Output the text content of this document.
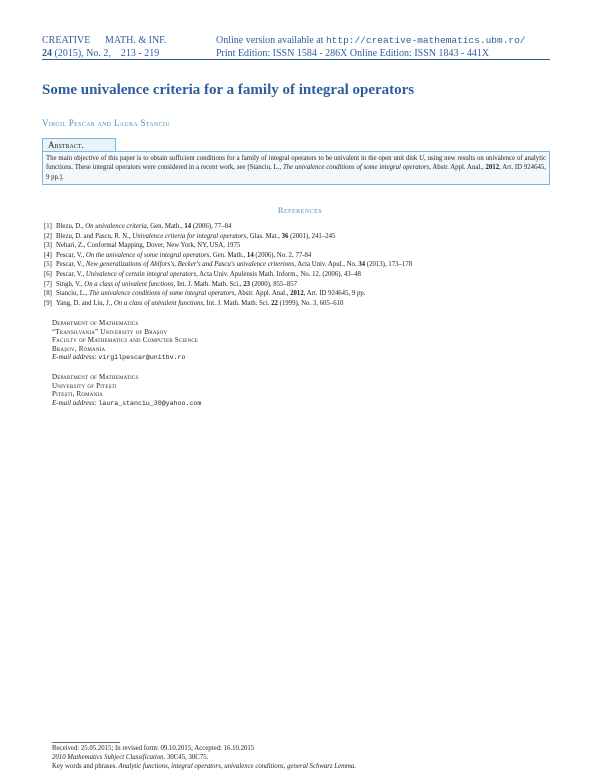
CREATIVE	MATH. & INF.
24 (2015), No. 2, 213 - 219
Online version available at http://creative-mathematics.ubm.ro/
Print Edition: ISSN 1584 - 286X Online Edition: ISSN 1843 - 441X
Some univalence criteria for a family of integral operators
Virgil Pescar and Laura Stanciu
Abstract.
The main objective of this paper is to obtain sufficient conditions for a family of integral operators to be univalent in the open unit disk U, using new results on univalence of analytic functions. These integral operators were considered in a recent work, see [Stanciu, L., The univalence conditions of some integral operators, Abstr. Appl. Anal., 2012, Art. ID 924645, 9 pp.].
References
[1] Blezu, D., On univalence criteria, Gen. Math., 14 (2006), 77–84
[2] Blezu, D. and Pascu, R. N., Univalence criteria for integral operators, Glas. Mat., 36 (2001), 241–245
[3] Nehari, Z., Conformal Mapping, Dover, New York, NY, USA, 1975
[4] Pescar, V., On the univalence of some integral operators, Gen. Math., 14 (2006), No. 2, 77-84
[5] Pescar, V., New generalizations of Ahlfors's, Becker's and Pascu's univalence criterions, Acta Univ. Apul., No. 34 (2013), 173–178
[6] Pescar, V., Univalence of certain integral operators, Acta Univ. Apulensis Math. Inform., No. 12, (2006), 43–48
[7] Singh, V., On a class of univalent functions, Int. J. Math. Math. Sci., 23 (2000), 855–857
[8] Stanciu, L., The univalence conditions of some integral operators, Abstr. Appl. Anal., 2012, Art. ID 924645, 9 pp.
[9] Yang, D. and Liu, J., On a class of univalent functions, Int. J. Math. Math. Sci. 22 (1999), No. 3, 605–610
Department of Mathematics
“Transilvania” University of Brașov
Faculty of Mathematics and Computer Science
Brașov, Romania
E-mail address: virgilpescar@unitbv.ro
Department of Mathematics
University of Pitești
Pitești, Romania
E-mail address: laura_stanciu_30@yahoo.com
Received: 25.05.2015; In revised form: 09.10.2015; Accepted: 16.10.2015
2010 Mathematics Subject Classification. 30C45, 30C75.
Key words and phrases. Analytic functions, integral operators, univalence conditions, general Schwarz Lemma.
